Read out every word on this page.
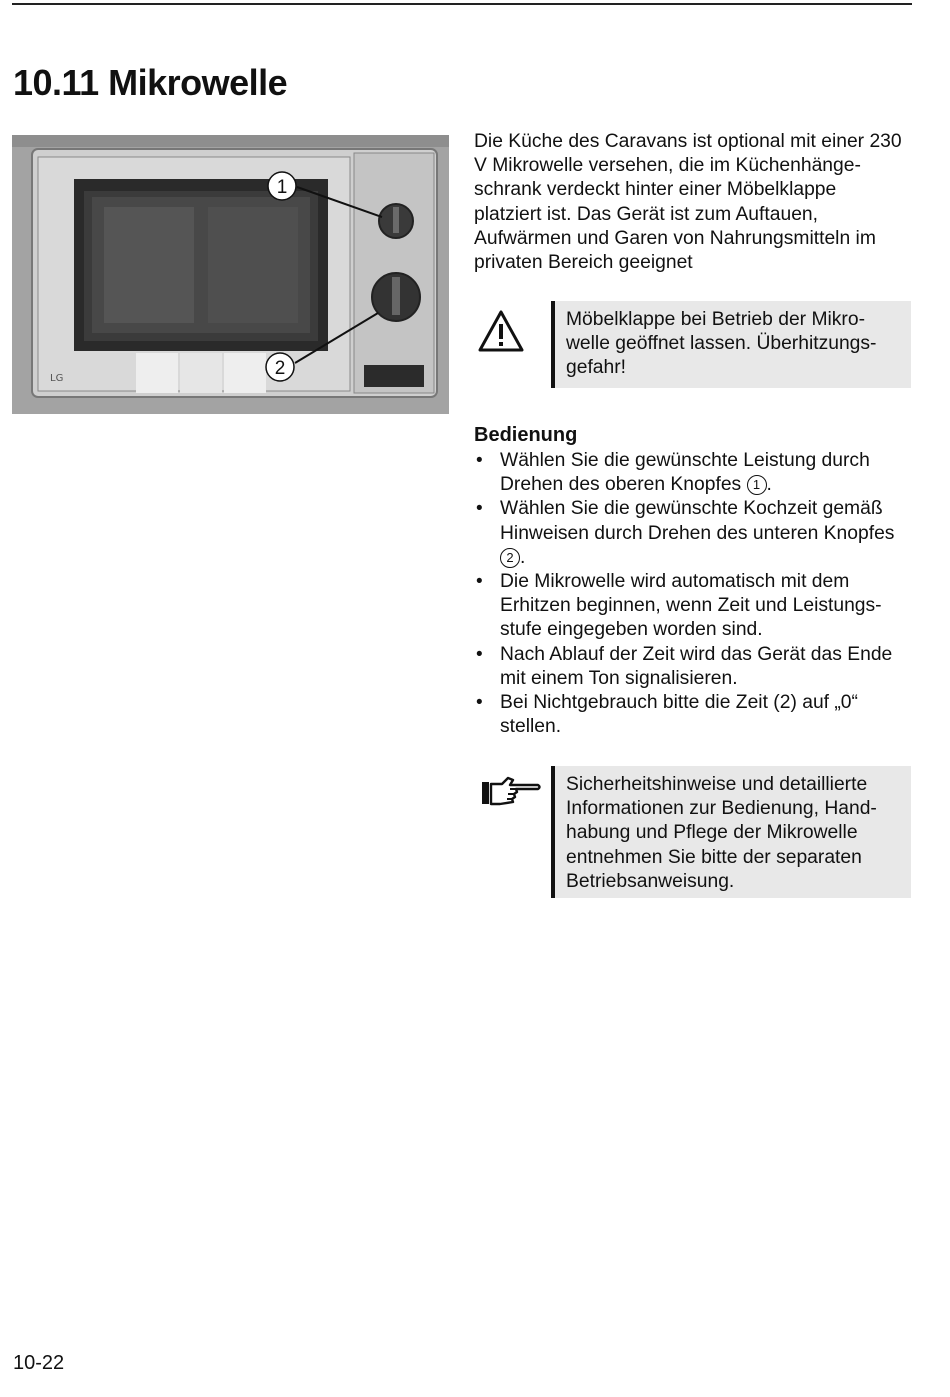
10.11 Mikrowelle
LG
1
2

Die Küche des Caravans ist optional mit einer 230 V Mikrowelle versehen, die im Küchenhänge-schrank verdeckt hinter einer Möbelklappe platziert ist. Das Gerät ist zum Auftauen, Aufwärmen und Garen von Nahrungsmitteln im privaten Bereich geeignet

Möbelklappe bei Betrieb der Mikro-welle geöffnet lassen. Überhitzungs-gefahr!
Bedienung
• Wählen Sie die gewünschte Leistung durch Drehen des oberen Knopfes 1 .
• Wählen Sie die gewünschte Kochzeit gemäß Hinweisen durch Drehen des unteren Knopfes 2 .
• Die Mikrowelle wird automatisch mit dem Erhitzen beginnen, wenn Zeit und Leistungs-stufe eingegeben worden sind.
• Nach Ablauf der Zeit wird das Gerät das Ende mit einem Ton signalisieren.
• Bei Nichtgebrauch bitte die Zeit (2) auf „0“ stellen.
Sicherheitshinweise und detaillierte Informationen zur Bedienung, Hand-habung und Pflege der Mikrowelle entnehmen Sie bitte der separaten Betriebsanweisung.
10-22
